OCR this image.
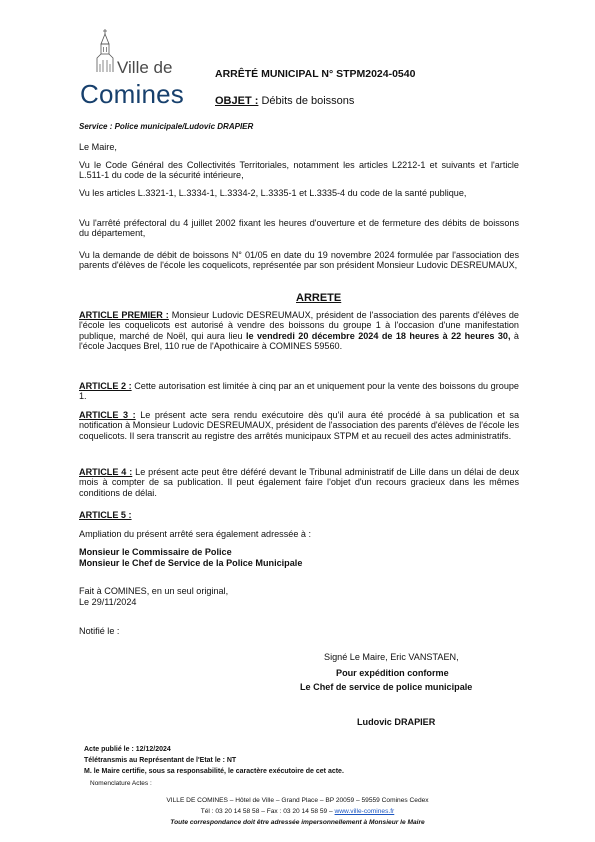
Ville de
Comines
ARRÊTÉ MUNICIPAL N° STPM2024-0540
OBJET : Débits de boissons
Service : Police municipale/Ludovic DRAPIER
Le Maire,
Vu le Code Général des Collectivités Territoriales, notamment les articles L2212-1 et suivants et l'article L.511-1 du code de la sécurité intérieure,
Vu les articles L.3321-1, L.3334-1, L.3334-2, L.3335-1 et L.3335-4 du code de la santé publique,
Vu l'arrêté préfectoral du 4 juillet 2002 fixant les heures d'ouverture et de fermeture des débits de boissons du département,
Vu la demande de débit de boissons N° 01/05 en date du 19 novembre 2024 formulée par l'association des parents d'élèves de l'école les coquelicots, représentée par son président Monsieur Ludovic DESREUMAUX,
ARRETE
ARTICLE PREMIER : Monsieur Ludovic DESREUMAUX, président de l'association des parents d'élèves de l'école les coquelicots est autorisé à vendre des boissons du groupe 1 à l'occasion d'une manifestation publique, marché de Noël, qui aura lieu le vendredi 20 décembre 2024 de 18 heures à 22 heures 30, à l'école Jacques Brel, 110 rue de l'Apothicaire à COMINES 59560.
ARTICLE 2 : Cette autorisation est limitée à cinq par an et uniquement pour la vente des boissons du groupe 1.
ARTICLE 3 : Le présent acte sera rendu exécutoire dès qu'il aura été procédé à sa publication et sa notification à Monsieur Ludovic DESREUMAUX, président de l'association des parents d'élèves de l'école les coquelicots. Il sera transcrit au registre des arrêtés municipaux STPM et au recueil des actes administratifs.
ARTICLE 4 : Le présent acte peut être déféré devant le Tribunal administratif de Lille dans un délai de deux mois à compter de sa publication. Il peut également faire l'objet d'un recours gracieux dans les mêmes conditions de délai.
ARTICLE 5 :
Ampliation du présent arrêté sera également adressée à :
Monsieur le Commissaire de Police
Monsieur le Chef de Service de la Police Municipale
Fait à COMINES, en un seul original,
Le 29/11/2024
Notifié le :
Signé Le Maire, Eric VANSTAEN,
Pour expédition conforme
Le Chef de service de police municipale
Ludovic DRAPIER
Acte publié le : 12/12/2024
Télétransmis au Représentant de l'Etat le : NT
M. le Maire certifie, sous sa responsabilité, le caractère exécutoire de cet acte.
Nomenclature Actes :
VILLE DE COMINES – Hôtel de Ville – Grand Place – BP 20059 – 59559 Comines Cedex
Tél : 03 20 14 58 58 – Fax : 03 20 14 58 59 – www.ville-comines.fr
Toute correspondance doit être adressée impersonnellement à Monsieur le Maire
